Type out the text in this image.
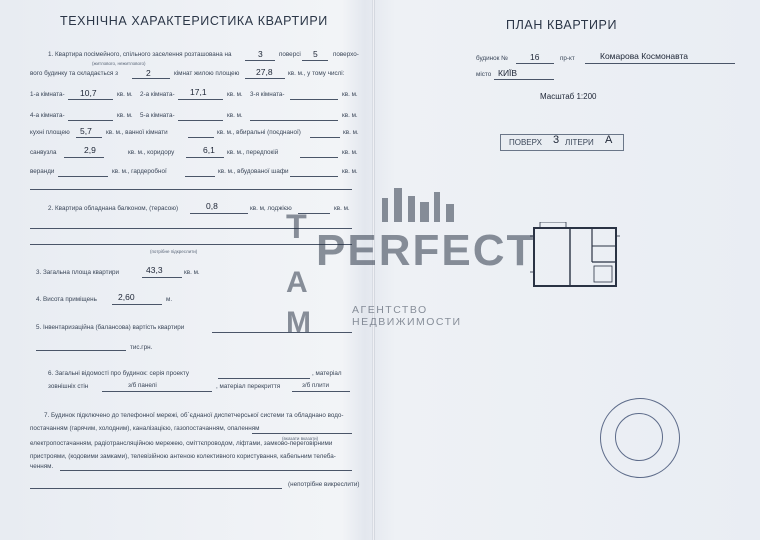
ТЕХНІЧНА ХАРАКТЕРИСТИКА КВАРТИРИ
1. Квартира посімейного, спільного заселення розташована на	3	поверсі 5 поверхо-
(житлового, нежитлового)
вого будинку та складається з	2	кімнат жилою площею 27,8 кв. м., у тому числі:
1-а кімната- 10,7	кв. м. 2-а кімната- 17,1	кв. м. 3-я кімната-	кв. м.
4-а кімната-	кв. м. 5-а кімната-	кв. м.	кв. м.
кухні площею 5,7 кв. м., ванної кімнати	кв. м., вбиральні (поєднаної)	кв. м.
санвузла	2,9	кв. м., коридору	6,1 кв. м., передпокій	кв. м.
веранди	кв. м., гардеробної	кв. м., вбудованої шафи	кв. м.
2. Квартира обладнана балконом, (терасою)	0,8	кв. м, лоджією	кв. м.
(потрібне підкреслити)
3. Загальна площа квартири	43,3	кв. м.
4. Висота приміщень 2,60	м.
5. Інвентаризаційна (балансова) вартість квартири
тис.грн.
6. Загальні відомості про будинок: серія проекту	, матеріал
зовнішніх стін	з/б панелі	, матеріал перекриття	з/б плити
7. Будинок підключено до телефонної мережі, об`єднаної диспетчерської системи та обладнано водо-
постачанням (гарячим, холодним), каналізацією, газопостачанням, опаленням
(вказати вказати)
електропостачанням, радіотрансляційною мережею, сміттєпроводом, ліфтами, замково-переговірними
пристроями, (кодовими замками), телевізійною антеною колективного користування, кабельним телеба-
ченням.
(непотрібне викреслити)
ПЛАН КВАРТИРИ
будинок №	16	пр-кт	Комарова Космонавта
місто КИЇВ
Масштаб 1:200
ПОВЕРХ 3 ЛІТЕРИ А
PERFECT
Т
А
М	АГЕНТСТВО НЕДВИЖИМОСТИ
